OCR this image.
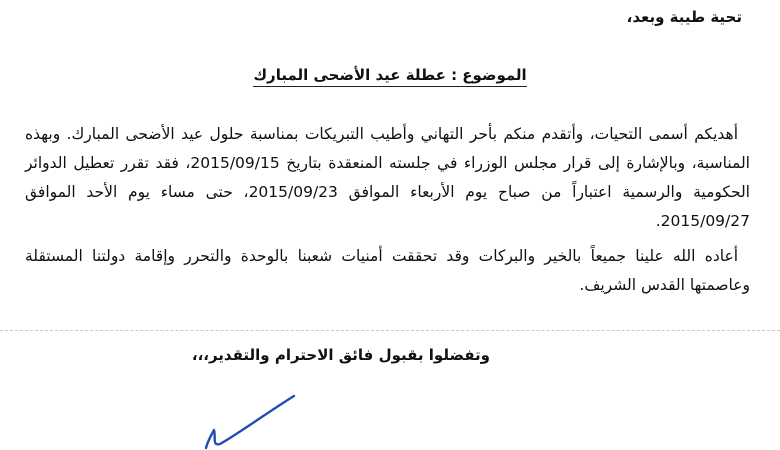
تحية طيبة وبعد،
الموضوع : عطلة عيد الأضحى المبارك

أهديكم أسمى التحيات، وأتقدم منكم بأحر التهاني وأطيب التبريكات بمناسبة حلول عيد الأضحى المبارك. وبهذه المناسبة، وبالإشارة إلى قرار مجلس الوزراء في جلسته المنعقدة بتاريخ 2015/09/15، فقد تقرر تعطيل الدوائر الحكومية والرسمية اعتباراً من صباح يوم الأربعاء الموافق 2015/09/23، حتى مساء يوم الأحد الموافق 2015/09/27.

أعاده الله علينا جميعاً بالخير والبركات وقد تحققت أمنيات شعبنا بالوحدة والتحرر وإقامة دولتنا المستقلة وعاصمتها القدس الشريف.

وتفضلوا بقبول فائق الاحترام والتقدير،،،
